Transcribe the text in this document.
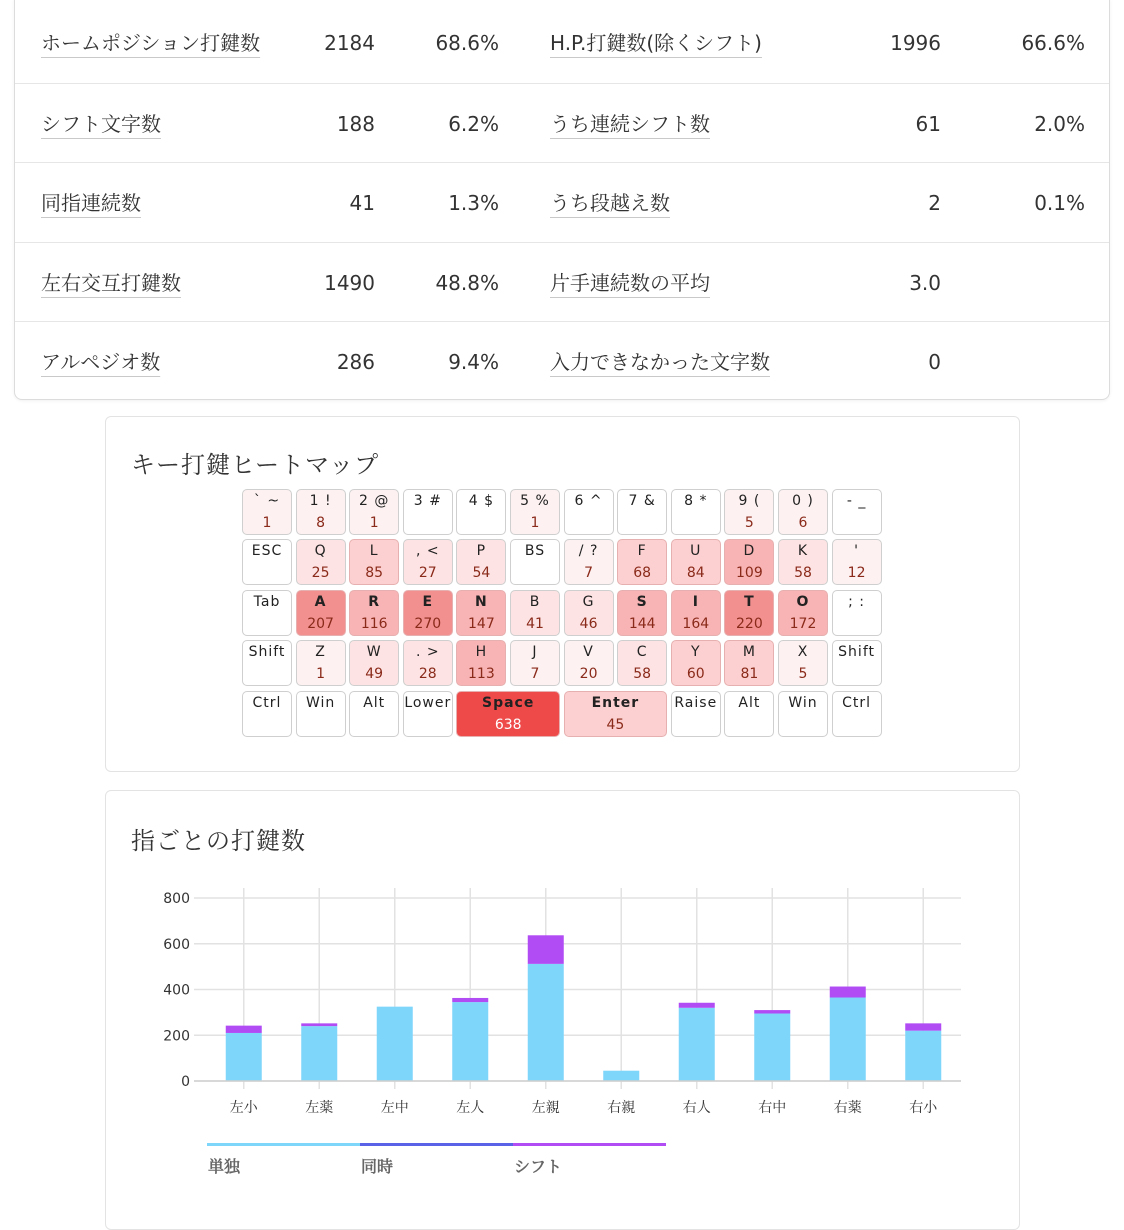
ホームポジション打鍵数	2184	68.6%	H.P.打鍵数(除くシフト)	1996	66.6%
シフト文字数	188	6.2%	うち連続シフト数	61	2.0%
同指連続数	41	1.3%	うち段越え数	2	0.1%
左右交互打鍵数	1490	48.8%	片手連続数の平均	3.0
アルペジオ数	286	9.4%	入力できなかった文字数	0
キー打鍵ヒートマップ
` ~
1
1 !
8
2 @
1
3 #	4 $	5 %
1
6 ^	7 &	8 *	9 (
5
0 )
6
- _
ESC	Q
25
L
85
, <
27
P
54
BS	/ ?
7
F
68
U
84
D
109
K
58
'
12
Tab	A
207
R
116
E
270
N
147
B
41
G
46
S
144
I
164
T
220
O
172
; :
Shift	Z
1
W
49
. >
28
H
113
J
7
V
20
C
58
Y
60
M
81
X
5
Shift
Ctrl	Win	Alt	Lower	Space
638
Enter
45
Raise	Alt	Win	Ctrl
指ごとの打鍵数
0
200
400
600
800
左小	左薬	左中	左人	左親	右親	右人	右中	右薬	右小
単独	同時	シフト
